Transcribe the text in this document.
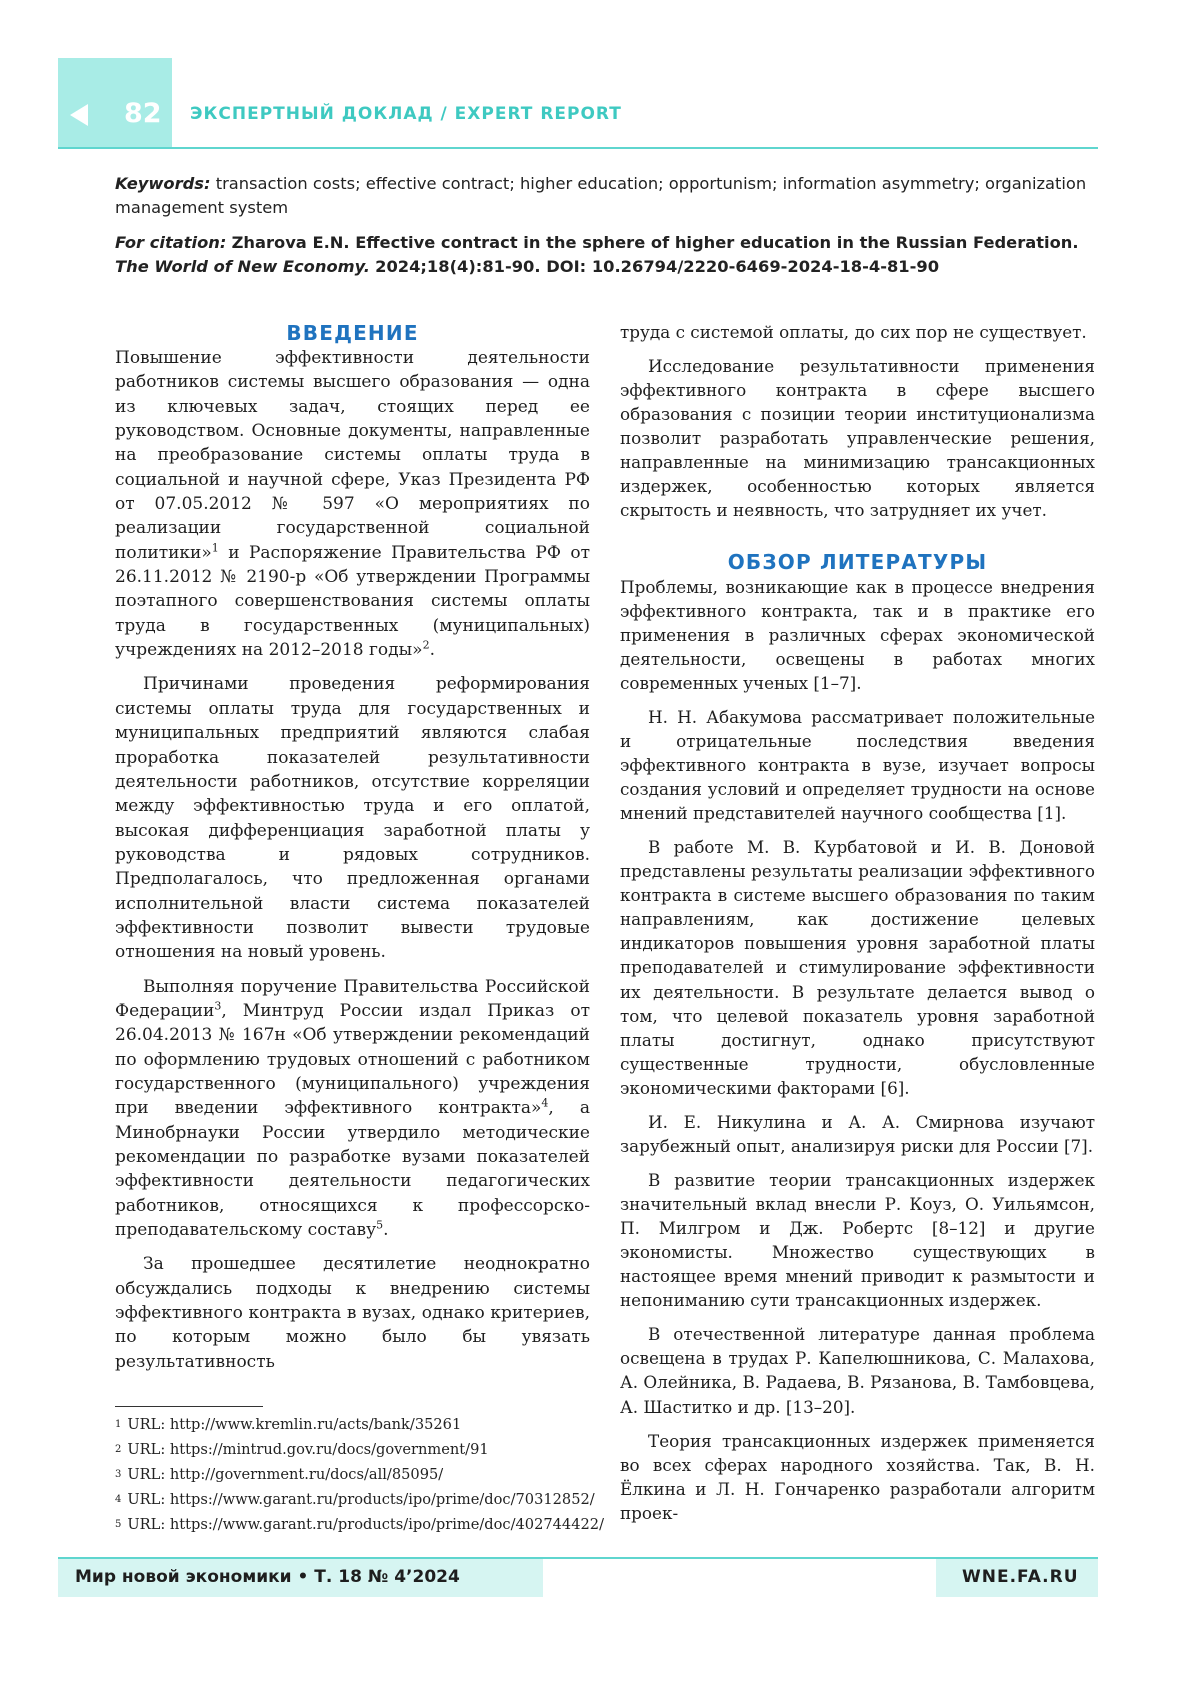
82 ЭКСПЕРТНЫЙ ДОКЛАД / EXPERT REPORT
Keywords: transaction costs; effective contract; higher education; opportunism; information asymmetry; organization management system
For citation: Zharova E.N. Effective contract in the sphere of higher education in the Russian Federation. The World of New Economy. 2024;18(4):81-90. DOI: 10.26794/2220-6469-2024-18-4-81-90
ВВЕДЕНИЕ

Повышение эффективности деятельности работников системы высшего образования — одна из ключевых задач, стоящих перед ее руководством. Основные документы, направленные на преобразование системы оплаты труда в социальной и научной сфере, Указ Президента РФ от 07.05.2012 № 597 «О мероприятиях по реализации государственной социальной политики»$^1$ и Распоряжение Правительства РФ от 26.11.2012 № 2190-р «Об утверждении Программы поэтапного совершенствования системы оплаты труда в государственных (муниципальных) учреждениях на 2012–2018 годы»$^2$.

Причинами проведения реформирования системы оплаты труда для государственных и муниципальных предприятий являются слабая проработка показателей результативности деятельности работников, отсутствие корреляции между эффективностью труда и его оплатой, высокая дифференциация заработной платы у руководства и рядовых сотрудников. Предполагалось, что предложенная органами исполнительной власти система показателей эффективности позволит вывести трудовые отношения на новый уровень.

Выполняя поручение Правительства Российской Федерации$^3$, Минтруд России издал Приказ от 26.04.2013 № 167н «Об утверждении рекомендаций по оформлению трудовых отношений с работником государственного (муниципального) учреждения при введении эффективного контракта»$^4$, а Минобрнауки России утвердило методические рекомендации по разработке вузами показателей эффективности деятельности педагогических работников, относящихся к профессорско-преподавательскому составу$^5$.

За прошедшее десятилетие неоднократно обсуждались подходы к внедрению системы эффективного контракта в вузах, однако критериев, по которым можно было бы увязать результативность

$^1$ URL: http://www.kremlin.ru/acts/bank/35261
$^2$ URL: https://mintrud.gov.ru/docs/government/91
$^3$ URL: http://government.ru/docs/all/85095/
$^4$ URL: https://www.garant.ru/products/ipo/prime/doc/70312852/
$^5$ URL: https://www.garant.ru/products/ipo/prime/doc/402744422/

труда с системой оплаты, до сих пор не существует.

Исследование результативности применения эффективного контракта в сфере высшего образования с позиции теории институционализма позволит разработать управленческие решения, направленные на минимизацию трансакционных издержек, особенностью которых является скрытость и неявность, что затрудняет их учет.

ОБЗОР ЛИТЕРАТУРЫ

Проблемы, возникающие как в процессе внедрения эффективного контракта, так и в практике его применения в различных сферах экономической деятельности, освещены в работах многих современных ученых [1–7].

Н. Н. Абакумова рассматривает положительные и отрицательные последствия введения эффективного контракта в вузе, изучает вопросы создания условий и определяет трудности на основе мнений представителей научного сообщества [1].

В работе М. В. Курбатовой и И. В. Доновой представлены результаты реализации эффективного контракта в системе высшего образования по таким направлениям, как достижение целевых индикаторов повышения уровня заработной платы преподавателей и стимулирование эффективности их деятельности. В результате делается вывод о том, что целевой показатель уровня заработной платы достигнут, однако присутствуют существенные трудности, обусловленные экономическими факторами [6].

И. Е. Никулина и А. А. Смирнова изучают зарубежный опыт, анализируя риски для России [7].

В развитие теории трансакционных издержек значительный вклад внесли Р. Коуз, О. Уильямсон, П. Милгром и Дж. Робертс [8–12] и другие экономисты. Множество существующих в настоящее время мнений приводит к размытости и непониманию сути трансакционных издержек.

В отечественной литературе данная проблема освещена в трудах Р. Капелюшникова, С. Малахова, А. Олейника, В. Радаева, В. Рязанова, В. Тамбовцева, А. Шаститко и др. [13–20].

Теория трансакционных издержек применяется во всех сферах народного хозяйства. Так, В. Н. Ёлкина и Л. Н. Гончаренко разработали алгоритм проек-

Мир новой экономики • Т. 18 № 4’2024	WNE.FA.RU
